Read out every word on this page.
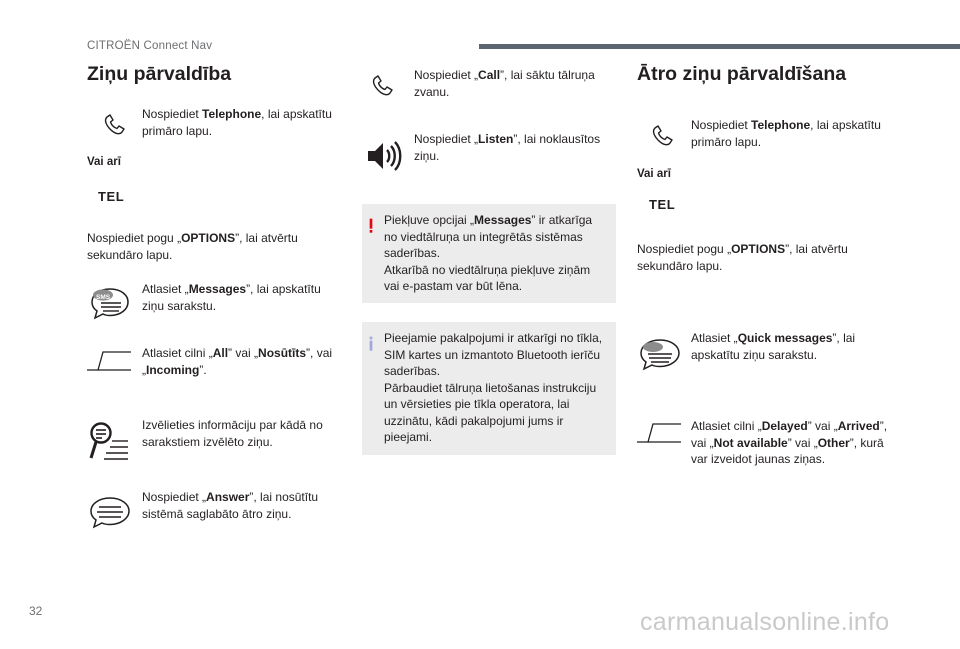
CITROËN Connect Nav
Ziņu pārvaldība
Nospiediet Telephone, lai apskatītu primāro lapu.
Vai arī
TEL
Nospiediet pogu „OPTIONS”, lai atvērtu sekundāro lapu.
SMS
Atlasiet „Messages”, lai apskatītu ziņu sarakstu.
Atlasiet cilni „All” vai „Nosūtīts”, vai „Incoming”.
Izvēlieties informāciju par kādā no sarakstiem izvēlēto ziņu.
Nospiediet „Answer”, lai nosūtītu sistēmā saglabāto ātro ziņu.
Nospiediet „Call”, lai sāktu tālruņa zvanu.
Nospiediet „Listen”, lai noklausītos ziņu.
Piekļuve opcijai „Messages” ir atkarīga no viedtālruņa un integrētās sistēmas saderības.
Atkarībā no viedtālruņa piekļuve ziņām vai e-pastam var būt lēna.
Pieejamie pakalpojumi ir atkarīgi no tīkla, SIM kartes un izmantoto Bluetooth ierīču saderības.
Pārbaudiet tālruņa lietošanas instrukciju un vērsieties pie tīkla operatora, lai uzzinātu, kādi pakalpojumi jums ir pieejami.
Ātro ziņu pārvaldīšana
Nospiediet Telephone, lai apskatītu primāro lapu.
Vai arī
TEL
Nospiediet pogu „OPTIONS”, lai atvērtu sekundāro lapu.
Atlasiet „Quick messages”, lai apskatītu ziņu sarakstu.
Atlasiet cilni „Delayed” vai „Arrived”, vai „Not available” vai „Other”, kurā var izveidot jaunas ziņas.
32	carmanualsonline.info
